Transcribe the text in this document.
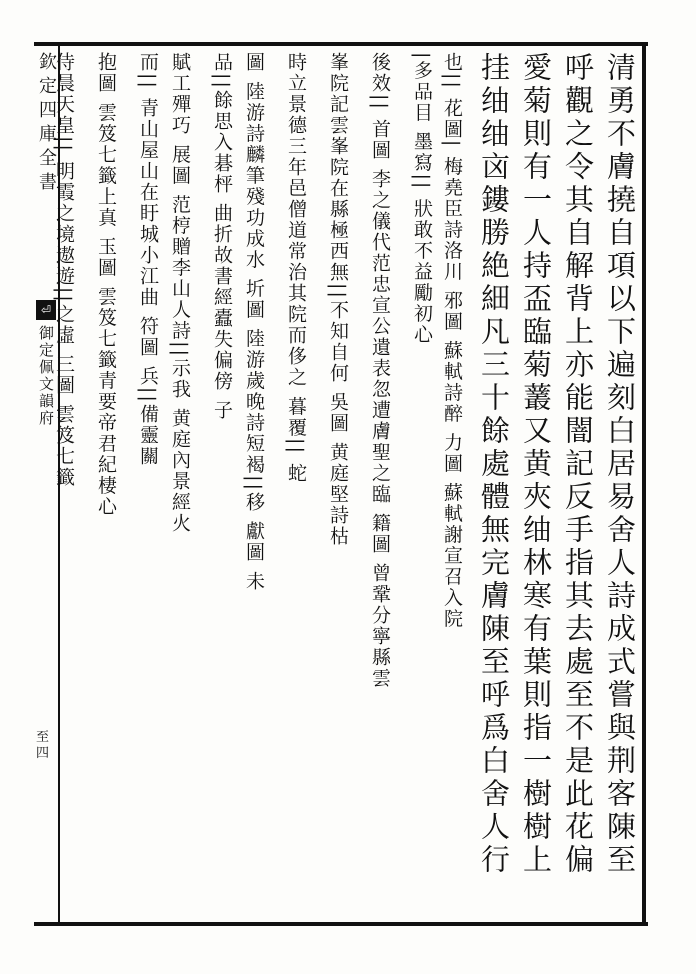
欽定四庫全書
⏎
御定佩文韻府
至四	清勇不膚撓自項以下遍刻白居易舍人詩成式嘗與荆客陳至
呼觀之令其自解背上亦能闇記反手指其去處至不是此花偏
愛菊則有一人持盃臨菊䕺又黄夾䌷林寒有葉則指一樹樹上
挂䌷䌷㐫鏤勝絶細凡三十餘處體無完膚陳至呼爲白舍人行
也|| 花圖| 梅堯臣詩洛川 邪圖 蘇軾詩醉 力圖 蘇軾謝宣召入院
|多品目 墨寫|| 狀敢不益勵初心
後效|| 首圖 李之儀代范忠宣公遺表忽遭膚聖之臨 籍圖 曾鞏分寧縣雲
峯院記雲峯院在縣極西無||不知自何 吳圖 黄庭堅詩枯
時立景德三年邑僧道常治其院而侈之 暮覆|| 蛇
圖 陸游詩麟筆殘功成水 圻圖 陸游歲晚詩短褐||移 獻圖 未
品||餘思入碁枰 曲折故書經蠹失偏傍 子
賦工殫巧 展圖 范梈贈李山人詩||示我 黄庭內景經火
而|| 青山屋山在盱城小江曲 符圖 兵||備靈關
抱圖 雲笈七籤上真 玉圖 雲笈七籤青要帝君紀棲心
侍晨天皇|| 明霞之境遨遊||之虛 三圖 雲笈七籤
